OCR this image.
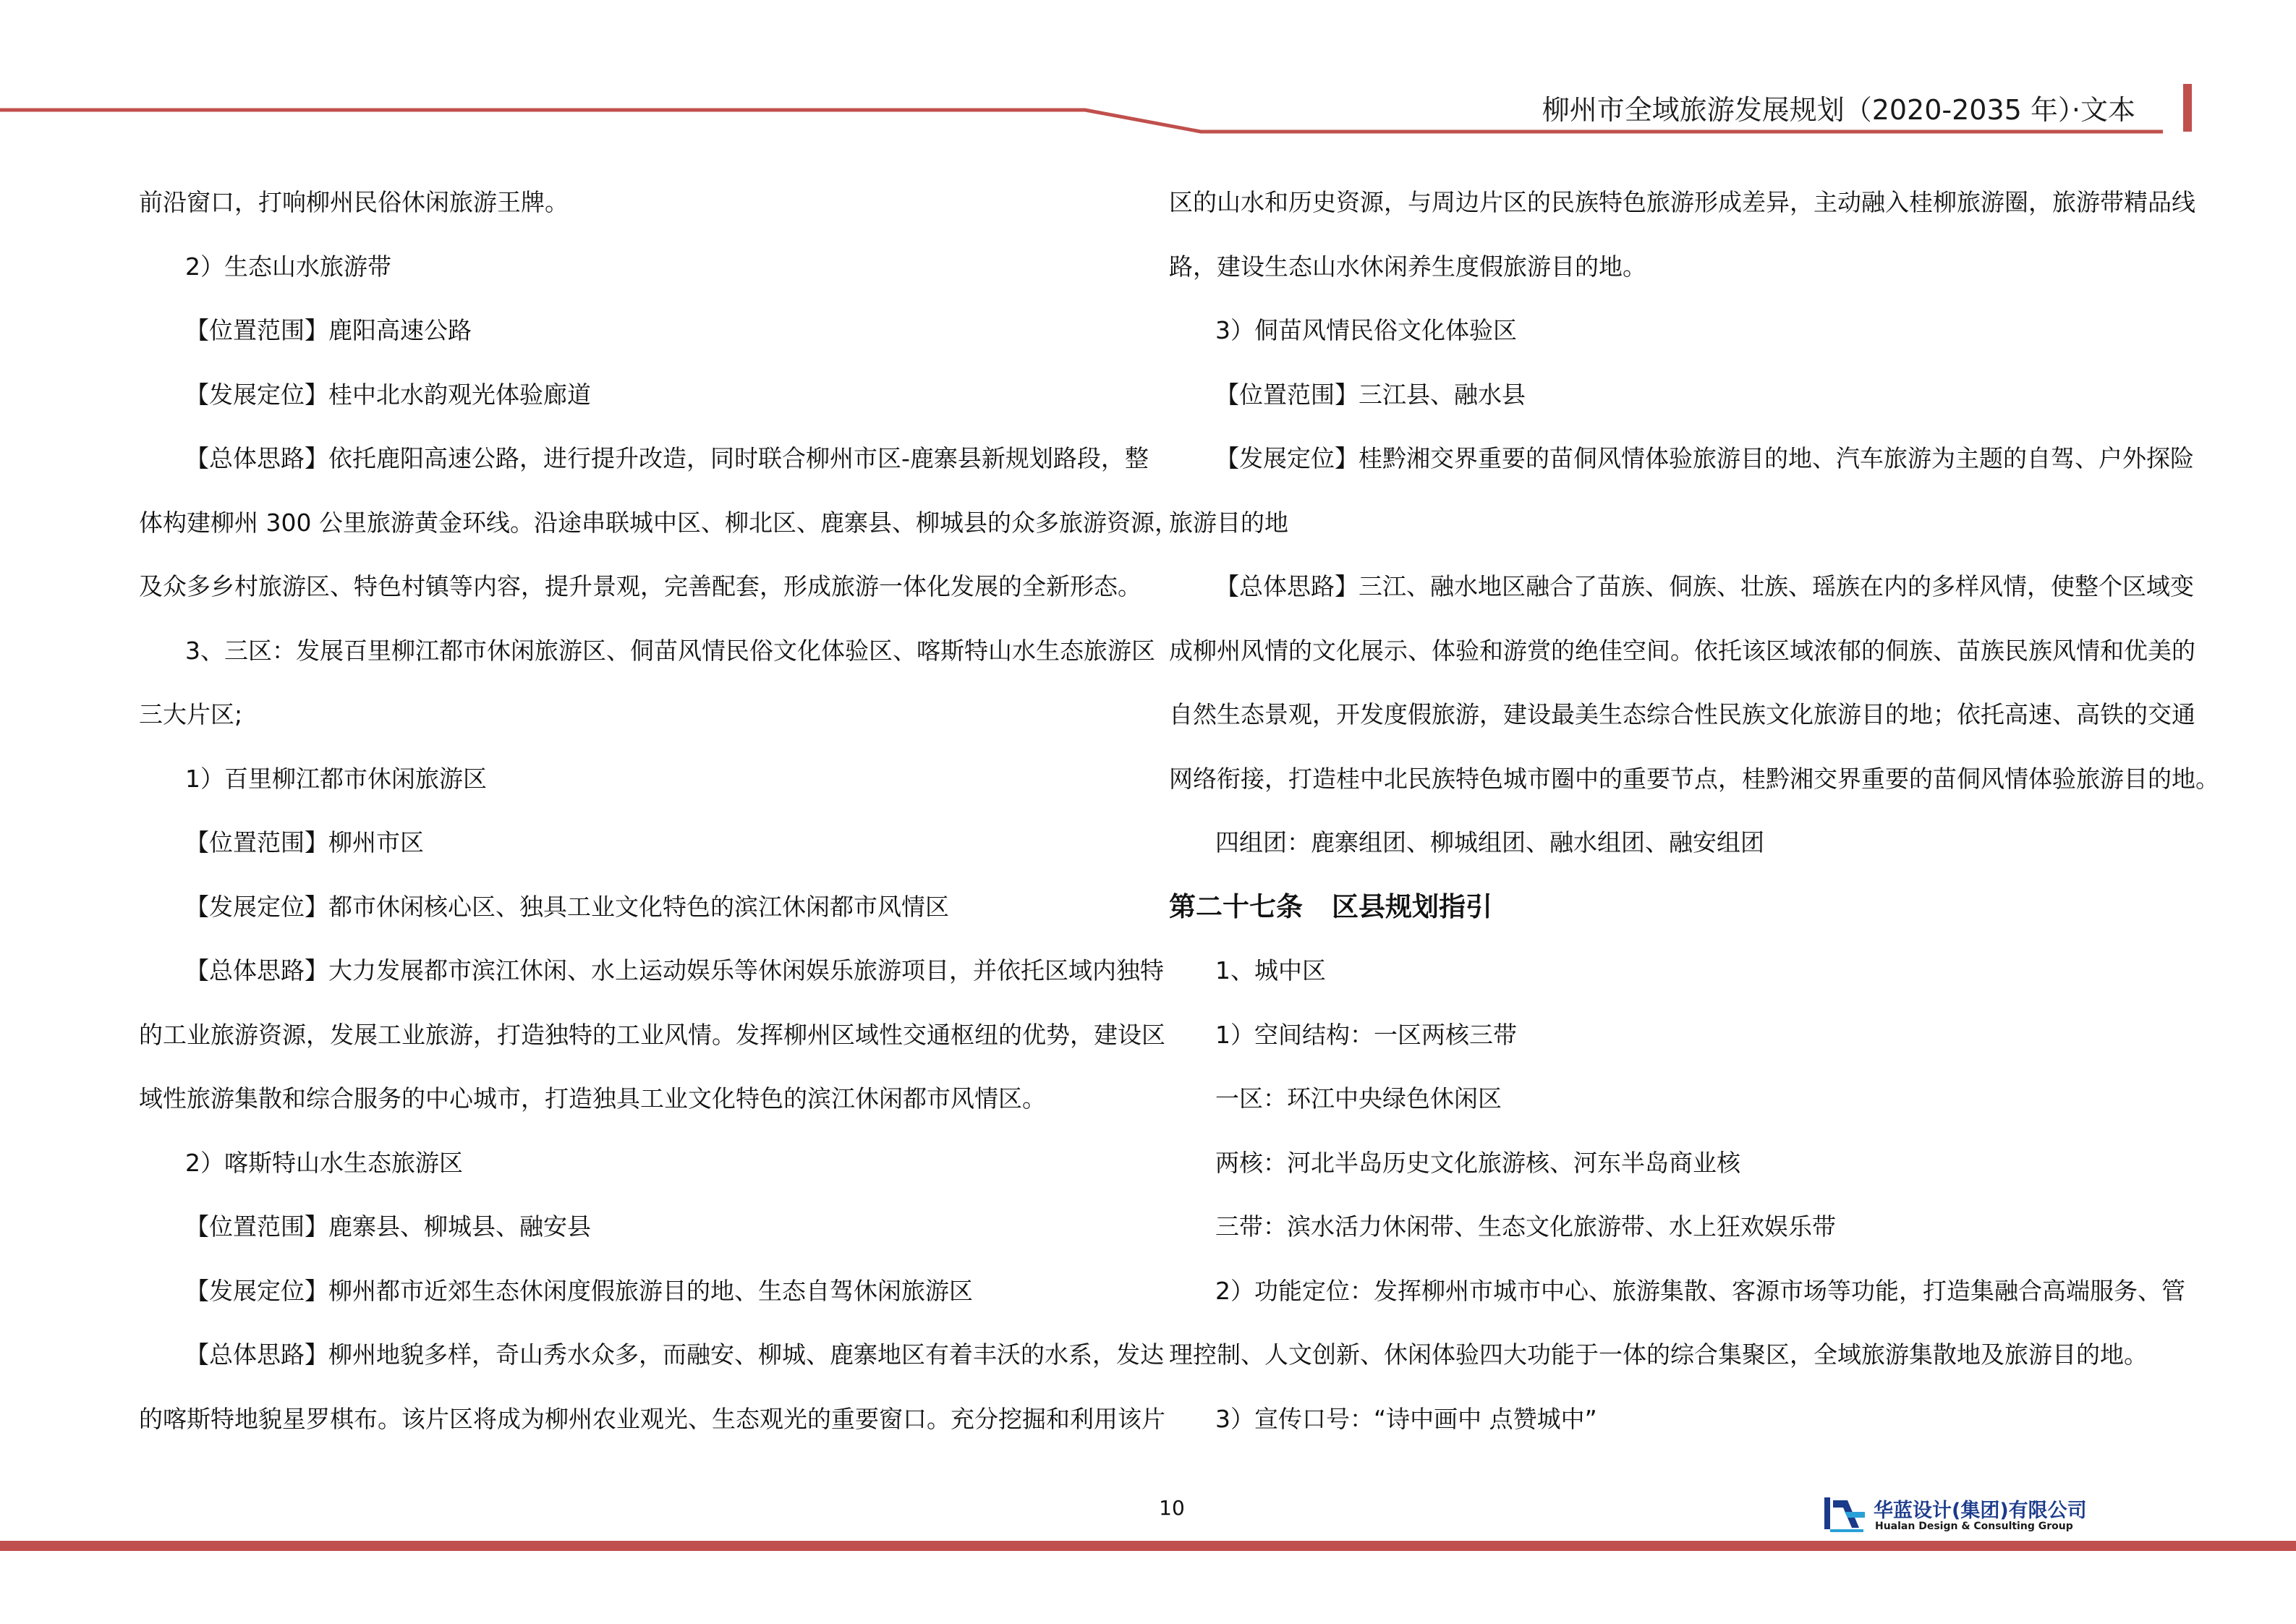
柳州市全域旅游发展规划（2020-2035 年）·文本

前沿窗口，打响柳州民俗休闲旅游王牌。

2）生态山水旅游带

【位置范围】鹿阳高速公路

【发展定位】桂中北水韵观光体验廊道

【总体思路】依托鹿阳高速公路，进行提升改造，同时联合柳州市区-鹿寨县新规划路段，整

体构建柳州 300 公里旅游黄金环线。沿途串联城中区、柳北区、鹿寨县、柳城县的众多旅游资源，

及众多乡村旅游区、特色村镇等内容，提升景观，完善配套，形成旅游一体化发展的全新形态。

3、三区：发展百里柳江都市休闲旅游区、侗苗风情民俗文化体验区、喀斯特山水生态旅游区

三大片区;

1）百里柳江都市休闲旅游区

【位置范围】柳州市区

【发展定位】都市休闲核心区、独具工业文化特色的滨江休闲都市风情区

【总体思路】大力发展都市滨江休闲、水上运动娱乐等休闲娱乐旅游项目，并依托区域内独特

的工业旅游资源，发展工业旅游，打造独特的工业风情。发挥柳州区域性交通枢纽的优势，建设区

域性旅游集散和综合服务的中心城市，打造独具工业文化特色的滨江休闲都市风情区。

2）喀斯特山水生态旅游区

【位置范围】鹿寨县、柳城县、融安县

【发展定位】柳州都市近郊生态休闲度假旅游目的地、生态自驾休闲旅游区

【总体思路】柳州地貌多样，奇山秀水众多，而融安、柳城、鹿寨地区有着丰沃的水系，发达

的喀斯特地貌星罗棋布。该片区将成为柳州农业观光、生态观光的重要窗口。充分挖掘和利用该片

区的山水和历史资源，与周边片区的民族特色旅游形成差异，主动融入桂柳旅游圈，旅游带精品线

路，建设生态山水休闲养生度假旅游目的地。

3）侗苗风情民俗文化体验区

【位置范围】三江县、融水县

【发展定位】桂黔湘交界重要的苗侗风情体验旅游目的地、汽车旅游为主题的自驾、户外探险

旅游目的地

【总体思路】三江、融水地区融合了苗族、侗族、壮族、瑶族在内的多样风情，使整个区域变

成柳州风情的文化展示、体验和游赏的绝佳空间。依托该区域浓郁的侗族、苗族民族风情和优美的

自然生态景观，开发度假旅游，建设最美生态综合性民族文化旅游目的地；依托高速、高铁的交通

网络衔接，打造桂中北民族特色城市圈中的重要节点，桂黔湘交界重要的苗侗风情体验旅游目的地。

四组团：鹿寨组团、柳城组团、融水组团、融安组团

第二十七条 区县规划指引

1、城中区

1）空间结构：一区两核三带

一区：环江中央绿色休闲区

两核：河北半岛历史文化旅游核、河东半岛商业核

三带：滨水活力休闲带、生态文化旅游带、水上狂欢娱乐带

2）功能定位：发挥柳州市城市中心、旅游集散、客源市场等功能，打造集融合高端服务、管

理控制、人文创新、休闲体验四大功能于一体的综合集聚区，全域旅游集散地及旅游目的地。

3）宣传口号：“诗中画中 点赞城中”

10	华蓝设计(集团)有限公司
Hualan Design & Consulting Group
